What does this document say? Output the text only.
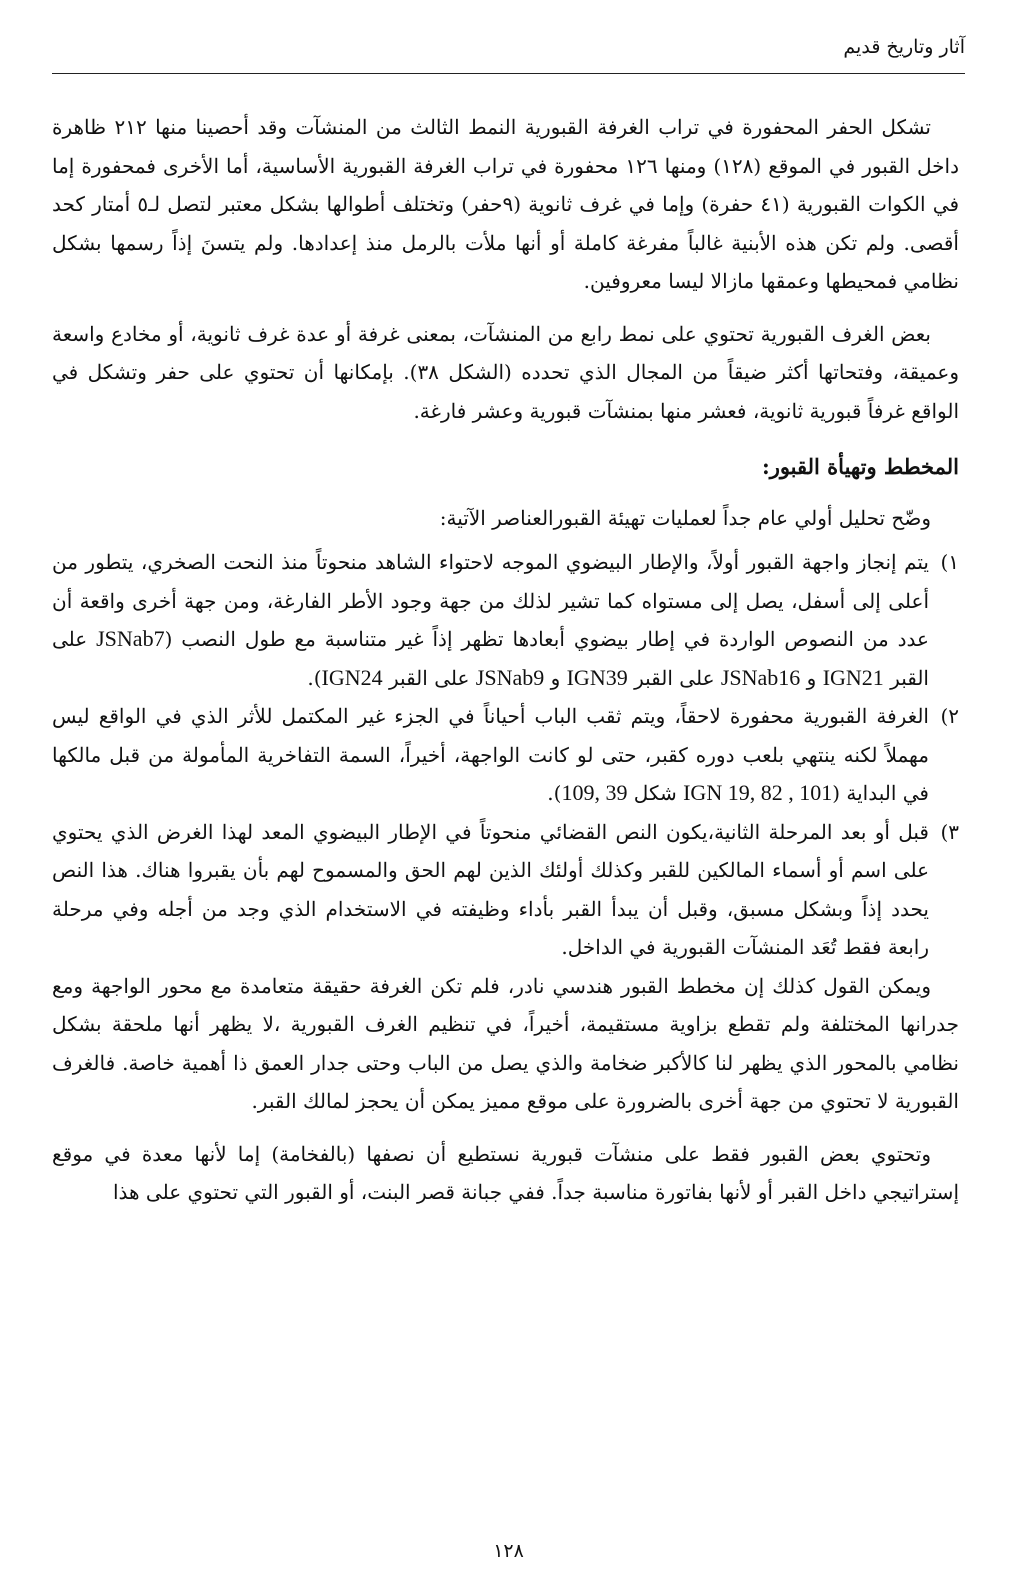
آثار وتاريخ قديم

تشكل الحفر المحفورة في تراب الغرفة القبورية النمط الثالث من المنشآت وقد أحصينا منها ٢١٢ ظاهرة داخل القبور في الموقع (١٢٨) ومنها ١٢٦ محفورة في تراب الغرفة القبورية الأساسية، أما الأخرى فمحفورة إما في الكوات القبورية (٤١ حفرة) وإما في غرف ثانوية (٩حفر) وتختلف أطوالها بشكل معتبر لتصل لـ٥ أمتار كحد أقصى. ولم تكن هذه الأبنية غالباً مفرغة كاملة أو أنها ملأت بالرمل منذ إعدادها. ولم يتسنَ إذاً رسمها بشكل نظامي فمحيطها وعمقها مازالا ليسا معروفين.

بعض الغرف القبورية تحتوي على نمط رابع من المنشآت، بمعنى غرفة أو عدة غرف ثانوية، أو مخادع واسعة وعميقة، وفتحاتها أكثر ضيقاً من المجال الذي تحدده (الشكل ٣٨). بإمكانها أن تحتوي على حفر وتشكل في الواقع غرفاً قبورية ثانوية، فعشر منها بمنشآت قبورية وعشر فارغة.

المخطط وتهيأة القبور:

وضّح تحليل أولي عام جداً لعمليات تهيئة القبورالعناصر الآتية:

١)
يتم إنجاز واجهة القبور أولاً، والإطار البيضوي الموجه لاحتواء الشاهد منحوتاً منذ النحت الصخري، يتطور من أعلى إلى أسفل، يصل إلى مستواه كما تشير لذلك من جهة وجود الأطر الفارغة، ومن جهة أخرى واقعة أن عدد من النصوص الواردة في إطار بيضوي أبعادها تظهر إذاً غير متناسبة مع طول النصب (JSNab7 على القبر IGN21 و JSNab16 على القبر IGN39 و JSNab9 على القبر IGN24).
٢)
الغرفة القبورية محفورة لاحقاً، ويتم ثقب الباب أحياناً في الجزء غير المكتمل للأثر الذي في الواقع ليس مهملاً لكنه ينتهي بلعب دوره كقبر، حتى لو كانت الواجهة، أخيراً، السمة التفاخرية المأمولة من قبل مالكها في البداية (IGN 19, 82 , 101 شكل 109, 39).
٣)
قبل أو بعد المرحلة الثانية،يكون النص القضائي منحوتاً في الإطار البيضوي المعد لهذا الغرض الذي يحتوي على اسم أو أسماء المالكين للقبر وكذلك أولئك الذين لهم الحق والمسموح لهم بأن يقبروا هناك. هذا النص يحدد إذاً وبشكل مسبق، وقبل أن يبدأ القبر بأداء وظيفته في الاستخدام الذي وجد من أجله وفي مرحلة رابعة فقط تُعَد المنشآت القبورية في الداخل.

ويمكن القول كذلك إن مخطط القبور هندسي نادر، فلم تكن الغرفة حقيقة متعامدة مع محور الواجهة ومع جدرانها المختلفة ولم تقطع بزاوية مستقيمة، أخيراً، في تنظيم الغرف القبورية ،لا يظهر أنها ملحقة بشكل نظامي بالمحور الذي يظهر لنا كالأكبر ضخامة والذي يصل من الباب وحتى جدار العمق ذا أهمية خاصة. فالغرف القبورية لا تحتوي من جهة أخرى بالضرورة على موقع مميز يمكن أن يحجز لمالك القبر.

وتحتوي بعض القبور فقط على منشآت قبورية نستطيع أن نصفها (بالفخامة) إما لأنها معدة في موقع إستراتيجي داخل القبر أو لأنها بفاتورة مناسبة جداً. ففي جبانة قصر البنت، أو القبور التي تحتوي على هذا

١٢٨
